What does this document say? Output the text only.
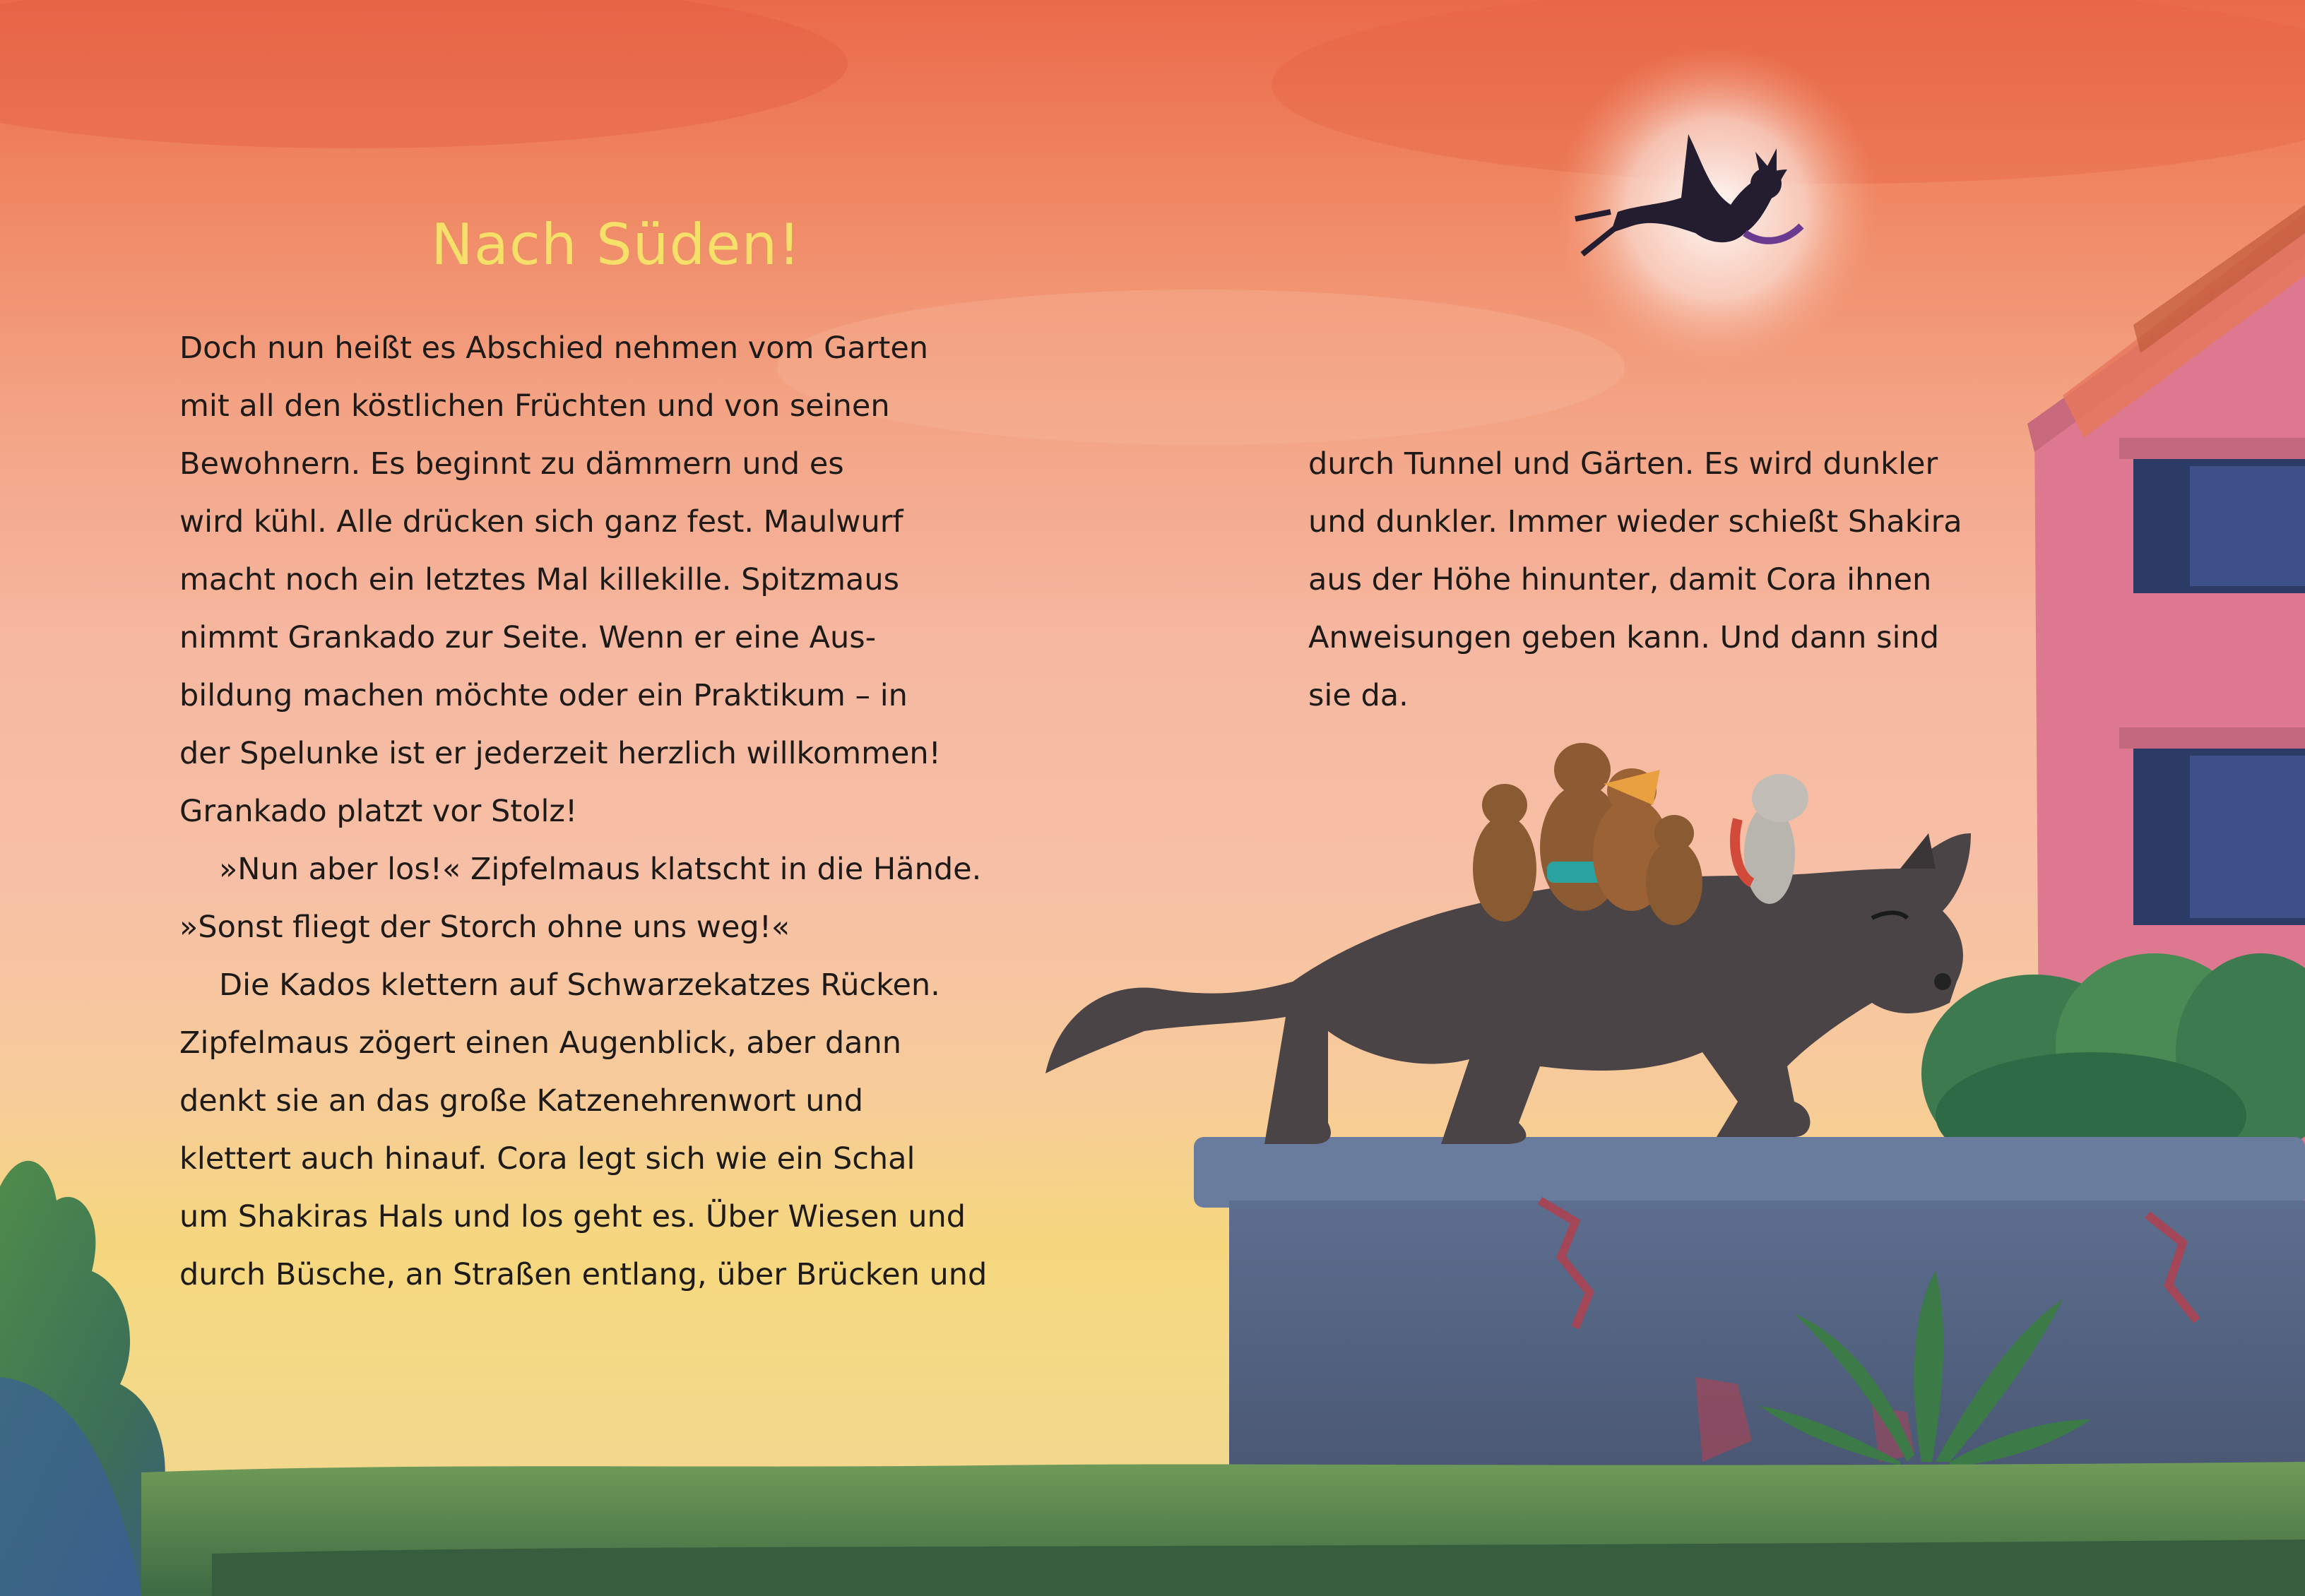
Nach Süden!

Doch nun heißt es Abschied nehmen vom Garten

mit all den köstlichen Früchten und von seinen

Bewohnern. Es beginnt zu dämmern und es

wird kühl. Alle drücken sich ganz fest. Maulwurf

macht noch ein letztes Mal killekille. Spitzmaus

nimmt Grankado zur Seite. Wenn er eine Aus-

bildung machen möchte oder ein Praktikum – in

der Spelunke ist er jederzeit herzlich willkommen!

Grankado platzt vor Stolz!

»Nun aber los!« Zipfelmaus klatscht in die Hände.

»Sonst fliegt der Storch ohne uns weg!«

Die Kados klettern auf Schwarzekatzes Rücken.

Zipfelmaus zögert einen Augenblick, aber dann

denkt sie an das große Katzenehrenwort und

klettert auch hinauf. Cora legt sich wie ein Schal

um Shakiras Hals und los geht es. Über Wiesen und

durch Büsche, an Straßen entlang, über Brücken und

durch Tunnel und Gärten. Es wird dunkler

und dunkler. Immer wieder schießt Shakira

aus der Höhe hinunter, damit Cora ihnen

Anweisungen geben kann. Und dann sind

sie da.
